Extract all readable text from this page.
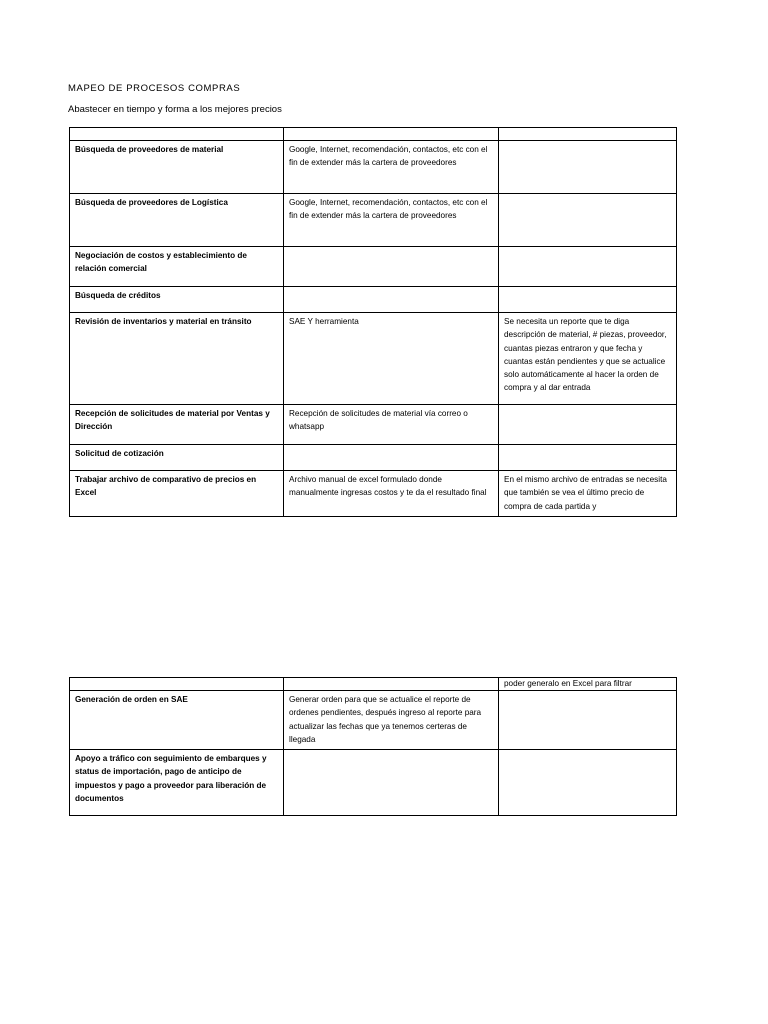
MAPEO DE PROCESOS COMPRAS
Abastecer en tiempo y forma a los mejores precios

Búsqueda de proveedores de material	Google, Internet, recomendación, contactos, etc con el fin de extender más la cartera de proveedores	
Búsqueda de proveedores de Logística	Google, Internet, recomendación, contactos, etc con el fin de extender más la cartera de proveedores	
Negociación de costos y establecimiento de relación comercial		
Búsqueda de créditos		
Revisión de inventarios y material en tránsito	SAE Y herramienta	Se necesita un reporte que te diga descripción de material, # piezas, proveedor, cuantas piezas entraron y que fecha y cuantas están pendientes y que se actualice solo automáticamente al hacer la orden de compra y al dar entrada
Recepción de solicitudes de material por Ventas y Dirección	Recepción de solicitudes de material vía correo o whatsapp	
Solicitud de cotización		
Trabajar archivo de comparativo de precios en Excel	Archivo manual de excel formulado donde manualmente ingresas costos y te da el resultado final	En el mismo archivo de entradas se necesita que también se vea el último precio de compra de cada partida y
		poder generalo en Excel para filtrar
Generación de orden en SAE	Generar orden para que se actualice el reporte de ordenes pendientes, después ingreso al reporte para actualizar las fechas que ya tenemos certeras de llegada	
Apoyo a tráfico con seguimiento de embarques y status de importación, pago de anticipo de impuestos y pago a proveedor para liberación de documentos		
